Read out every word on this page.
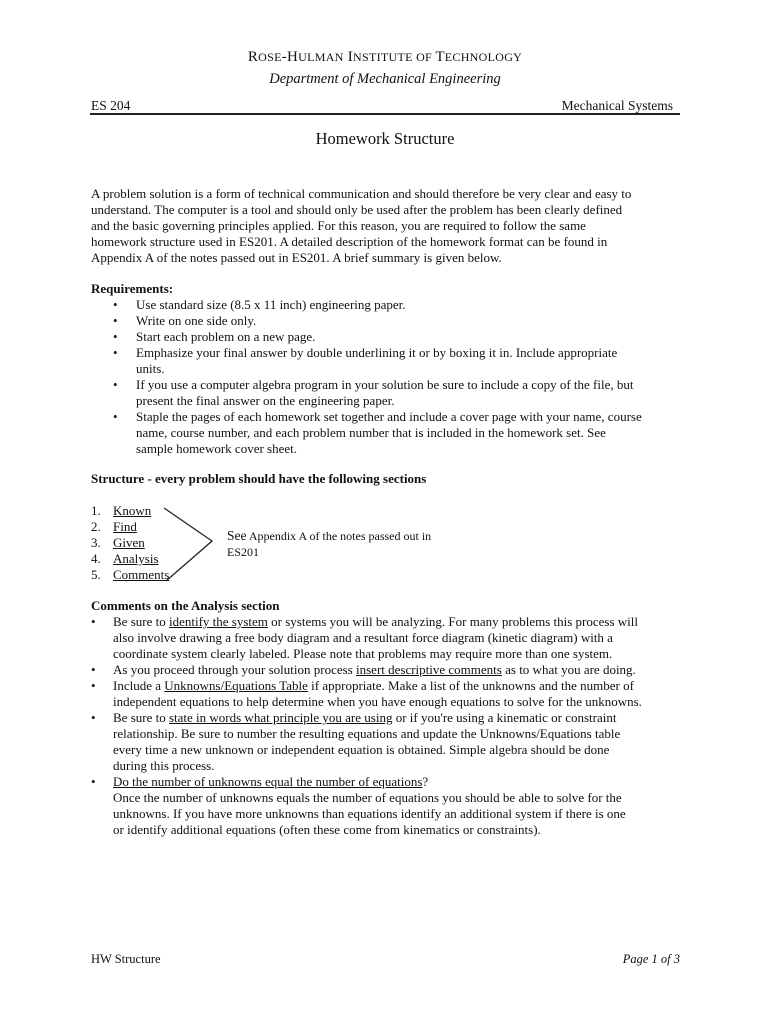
ROSE-HULMAN INSTITUTE OF TECHNOLOGY
Department of Mechanical Engineering
ES 204	Mechanical Systems
Homework Structure
A problem solution is a form of technical communication and should therefore be very clear and easy to
understand. The computer is a tool and should only be used after the problem has been clearly defined
and the basic governing principles applied. For this reason, you are required to follow the same
homework structure used in ES201. A detailed description of the homework format can be found in
Appendix A of the notes passed out in ES201. A brief summary is given below.
Requirements:
• Use standard size (8.5 x 11 inch) engineering paper.
• Write on one side only.
• Start each problem on a new page.
• Emphasize your final answer by double underlining it or by boxing it in. Include appropriate
units.
• If you use a computer algebra program in your solution be sure to include a copy of the file, but
present the final answer on the engineering paper.
• Staple the pages of each homework set together and include a cover page with your name, course
name, course number, and each problem number that is included in the homework set. See
sample homework cover sheet.
Structure - every problem should have the following sections
1. Known
2. Find
3. Given
4. Analysis
5. Comments
See Appendix A of the notes passed out in
ES201
Comments on the Analysis section
• Be sure to identify the system or systems you will be analyzing. For many problems this process will
also involve drawing a free body diagram and a resultant force diagram (kinetic diagram) with a
coordinate system clearly labeled. Please note that problems may require more than one system.
• As you proceed through your solution process insert descriptive comments as to what you are doing.
• Include a Unknowns/Equations Table if appropriate. Make a list of the unknowns and the number of
independent equations to help determine when you have enough equations to solve for the unknowns.
• Be sure to state in words what principle you are using or if you're using a kinematic or constraint
relationship. Be sure to number the resulting equations and update the Unknowns/Equations table
every time a new unknown or independent equation is obtained. Simple algebra should be done
during this process.
• Do the number of unknowns equal the number of equations?
Once the number of unknowns equals the number of equations you should be able to solve for the
unknowns. If you have more unknowns than equations identify an additional system if there is one
or identify additional equations (often these come from kinematics or constraints).
HW Structure	Page 1 of 3
